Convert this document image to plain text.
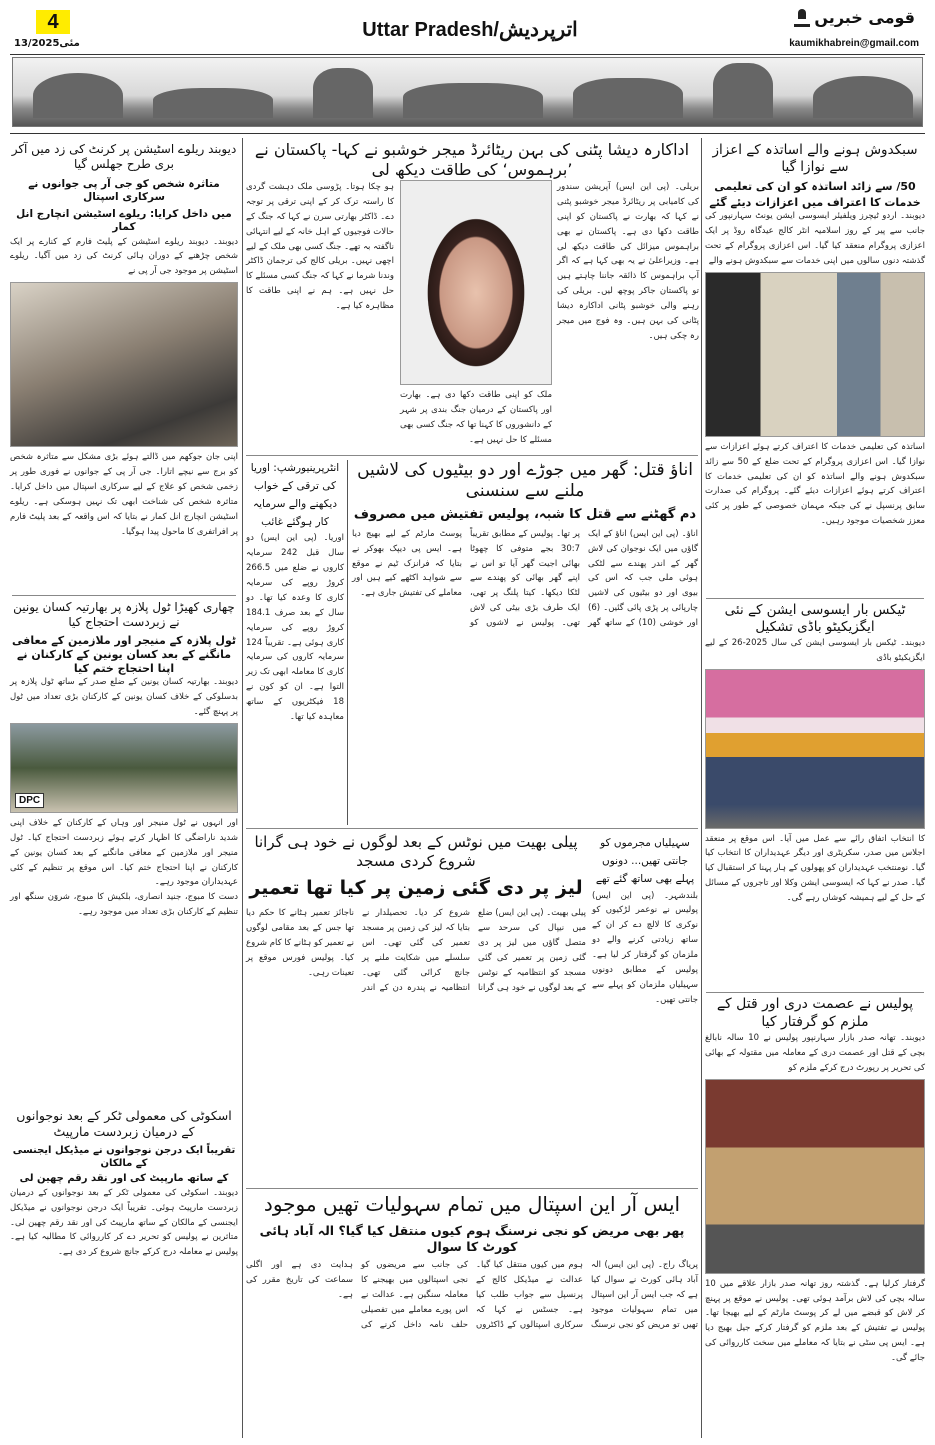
4
13/مئی2025
Uttar Pradesh/اترپردیش
قومی خبریں
kaumikhabrein@gmail.com
دیوبند ریلوے اسٹیشن پر کرنٹ کی زد میں آکر بری طرح جھلس گیا
متاثرہ شخص کو جی آر پی جوانوں نے سرکاری اسپتال
میں داخل کرایا: ریلوے اسٹیشن انچارج انل کمار
دیوبند۔ دیوبند ریلوے اسٹیشن کے پلیٹ فارم کے کنارے پر ایک شخص چڑھنے کے دوران ہائی کرنٹ کی زد میں آگیا۔ ریلوے اسٹیشن پر موجود جی آر پی نے
اپنی جان جوکھم میں ڈالتے ہوئے بڑی مشکل سے متاثرہ شخص کو برج سے نیچے اتارا۔ جی آر پی کے جوانوں نے فوری طور پر زخمی شخص کو علاج کے لیے سرکاری اسپتال میں داخل کرایا۔ متاثرہ شخص کی شناخت ابھی تک نہیں ہوسکی ہے۔ ریلوے اسٹیشن انچارج انل کمار نے بتایا کہ اس واقعہ کے بعد پلیٹ فارم پر افراتفری کا ماحول پیدا ہوگیا۔
چھاری کھیڑا ٹول پلازہ پر بھارتیہ کسان یونین نے زبردست احتجاج کیا
ٹول پلازہ کے منیجر اور ملازمین کے معافی مانگنے کے بعد کسان یونین کے کارکنان نے اپنا احتجاج ختم کیا
دیوبند۔ بھارتیہ کسان یونین کے ضلع صدر کے ساتھ ٹول پلازہ پر بدسلوکی کے خلاف کسان یونین کے کارکنان بڑی تعداد میں ٹول پر پہنچ گئے۔
DPC
اور انہوں نے ٹول منیجر اور وہاں کے کارکنان کے خلاف اپنی شدید ناراضگی کا اظہار کرتے ہوئے زبردست احتجاج کیا۔ ٹول منیجر اور ملازمین کے معافی مانگنے کے بعد کسان یونین کے کارکنان نے اپنا احتجاج ختم کیا۔ اس موقع پر تنظیم کے کئی عہدیداران موجود رہے۔
دست کا مبوج، جنید انصاری، بلکیش کا مبوج، شروَن سنگھ اور تنظیم کے کارکنان بڑی تعداد میں موجود رہے۔
اسکوٹی کی معمولی ٹکر کے بعد نوجوانوں کے درمیان زبردست مارپیٹ
تقریباً ایک درجن نوجوانوں نے میڈیکل ایجنسی کے مالکان
کے ساتھ مارپیٹ کی اور نقد رقم چھین لی
دیوبند۔ اسکوٹی کی معمولی ٹکر کے بعد نوجوانوں کے درمیان زبردست مارپیٹ ہوئی۔ تقریباً ایک درجن نوجوانوں نے میڈیکل ایجنسی کے مالکان کے ساتھ مارپیٹ کی اور نقد رقم چھین لی۔ متاثرین نے پولیس کو تحریر دے کر کارروائی کا مطالبہ کیا ہے۔ پولیس نے معاملہ درج کرکے جانچ شروع کر دی ہے۔
اداکارہ دیشا پٹنی کی بہن ریٹائرڈ میجر خوشبو نے کہا- پاکستان نے ’برہموس‘ کی طاقت دیکھ لی
بریلی۔ (پی این ایس) آپریشن سندور کی کامیابی پر ریٹائرڈ میجر خوشبو پٹنی نے کہا کہ بھارت نے پاکستان کو اپنی طاقت دکھا دی ہے۔ پاکستان نے بھی براہموس میزائل کی طاقت دیکھ لی ہے۔ وزیراعلیٰ نے یہ بھی کہا ہے کہ اگر آپ براہموس کا ذائقہ جاننا چاہتے ہیں تو پاکستان جاکر پوچھ لیں۔ بریلی کی رہنے والی خوشبو پٹانی اداکارہ دیشا پٹانی کی بہن ہیں۔ وہ فوج میں میجر رہ چکی ہیں۔
ملک کو اپنی طاقت دکھا دی ہے۔ بھارت اور پاکستان کے درمیان جنگ بندی پر شہر کے دانشوروں کا کہنا تھا کہ جنگ کسی بھی مسئلے کا حل نہیں ہے۔
ہو چکا ہوتا۔ پڑوسی ملک دہشت گردی کا راستہ ترک کر کے اپنی ترقی پر توجہ دے۔ ڈاکٹر بھارتی سرن نے کہا کہ جنگ کے حالات فوجیوں کے اہل خانہ کے لیے انتہائی ناگفتہ بہ تھے۔ جنگ کسی بھی ملک کے لیے اچھی نہیں۔ بریلی کالج کی ترجمان ڈاکٹر وندنا شرما نے کہا کہ جنگ کسی مسئلے کا حل نہیں ہے۔ ہم نے اپنی طاقت کا مظاہرہ کیا ہے۔
انٹرپرینیورشپ: اوریا کی ترقی کے خواب دیکھنے والے سرمایہ کار ہوگئے غائب
اوریا۔ (پی این ایس) دو سال قبل 242 سرمایہ کاروں نے ضلع میں 266.5 کروڑ روپے کی سرمایہ کاری کا وعدہ کیا تھا۔ دو سال کے بعد صرف 184.1 کروڑ روپے کی سرمایہ کاری ہوئی ہے۔ تقریباً 124 سرمایہ کاروں کی سرمایہ کاری کا معاملہ ابھی تک زیر التوا ہے۔ ان کو کون نے 18 فیکٹریوں کے ساتھ معاہدہ کیا تھا۔
اناؤ قتل: گھر میں جوڑے اور دو بیٹیوں کی لاشیں ملنے سے سنسنی
دم گھٹنے سے قتل کا شبہ، پولیس تفتیش میں مصروف
اناؤ۔ (پی این ایس) اناؤ کے ایک گاؤں میں ایک نوجوان کی لاش گھر کے اندر پھندے سے لٹکی ہوئی ملی جب کہ اس کی بیوی اور دو بیٹیوں کی لاشیں چارپائی پر پڑی پائی گئیں۔ (6) اور خوشی (10) کے ساتھ گھر پر تھا۔ پولیس کے مطابق تقریباً 30:7 بجے متوفی کا چھوٹا بھائی اجیت گھر آیا تو اس نے اپنے گھر بھائی کو پھندے سے لٹکا دیکھا۔ کیتا پلنگ پر تھی، ایک طرف بڑی بیٹی کی لاش تھی۔ پولیس نے لاشوں کو پوسٹ مارٹم کے لیے بھیج دیا ہے۔ ایس پی دیپک بھوکر نے بتایا کہ فرانزک ٹیم نے موقع سے شواہد اکٹھے کیے ہیں اور معاملے کی تفتیش جاری ہے۔
پیلی بھیت میں نوٹس کے بعد لوگوں نے خود ہی گرانا شروع کردی مسجد
لیز پر دی گئی زمین پر کیا تھا تعمیر
پیلی بھیت۔ (پی این ایس) ضلع میں نیپال کی سرحد سے متصل گاؤں میں لیز پر دی گئی زمین پر تعمیر کی گئی مسجد کو انتظامیہ کے نوٹس کے بعد لوگوں نے خود ہی گرانا شروع کر دیا۔ تحصیلدار نے بتایا کہ لیز کی زمین پر مسجد تعمیر کی گئی تھی۔ اس سلسلے میں شکایت ملنے پر جانچ کرائی گئی تھی۔ انتظامیہ نے پندرہ دن کے اندر ناجائز تعمیر ہٹانے کا حکم دیا تھا جس کے بعد مقامی لوگوں نے تعمیر کو ہٹانے کا کام شروع کیا۔ پولیس فورس موقع پر تعینات رہی۔
سہیلیاں مجرموں کو جانتی تھیں... دونوں پہلے بھی ساتھ گئے تھے
بلندشہر۔ (پی این ایس) پولیس نے نوعمر لڑکیوں کو نوکری کا لالچ دے کر ان کے ساتھ زیادتی کرنے والے دو ملزمان کو گرفتار کر لیا ہے۔ پولیس کے مطابق دونوں سہیلیاں ملزمان کو پہلے سے جانتی تھیں۔
ایس آر این اسپتال میں تمام سہولیات تھیں موجود
پھر بھی مریض کو نجی نرسنگ ہوم کیوں منتقل کیا گیا؟ الہ آباد ہائی کورٹ کا سوال
پریاگ راج۔ (پی این ایس) الہ آباد ہائی کورٹ نے سوال کیا ہے کہ جب ایس آر این اسپتال میں تمام سہولیات موجود تھیں تو مریض کو نجی نرسنگ ہوم میں کیوں منتقل کیا گیا۔ عدالت نے میڈیکل کالج کے پرنسپل سے جواب طلب کیا ہے۔ جسٹس نے کہا کہ سرکاری اسپتالوں کے ڈاکٹروں کی جانب سے مریضوں کو نجی اسپتالوں میں بھیجنے کا معاملہ سنگین ہے۔ عدالت نے اس پورے معاملے میں تفصیلی حلف نامہ داخل کرنے کی ہدایت دی ہے اور اگلی سماعت کی تاریخ مقرر کی ہے۔
سبکدوش ہونے والے اساتذہ کے اعزاز سے نوازا گیا
50/ سے زائد اساتذہ کو ان کی تعلیمی
خدمات کا اعتراف میں اعزازات دیئے گئے
دیوبند۔ اردو ٹیچرز ویلفیئر ایسوسی ایشن یونٹ سہارنپور کی جانب سے پیر کے روز اسلامیہ انٹر کالج عیدگاہ روڈ پر ایک اعزازی پروگرام منعقد کیا گیا۔ اس اعزازی پروگرام کے تحت گذشتہ دنوں سالوں میں اپنی خدمات سے سبکدوش ہونے والے
اساتذہ کی تعلیمی خدمات کا اعتراف کرتے ہوئے اعزازات سے نوازا گیا۔ اس اعزازی پروگرام کے تحت ضلع کے 50 سے زائد سبکدوش ہونے والے اساتذہ کو ان کی تعلیمی خدمات کا اعتراف کرتے ہوئے اعزازات دیئے گئے۔ پروگرام کی صدارت سابق پرنسپل نے کی جبکہ مہمان خصوصی کے طور پر کئی معزز شخصیات موجود رہیں۔
ٹیکس بار ایسوسی ایشن کے نئی ایگزیکیٹو باڈی تشکیل
دیوبند۔ ٹیکس بار ایسوسی ایشن کی سال 2025-26 کے لیے ایگزیکیٹو باڈی
کا انتخاب اتفاق رائے سے عمل میں آیا۔ اس موقع پر منعقد اجلاس میں صدر، سکریٹری اور دیگر عہدیداران کا انتخاب کیا گیا۔ نومنتخب عہدیداران کو پھولوں کے ہار پہنا کر استقبال کیا گیا۔ صدر نے کہا کہ ایسوسی ایشن وکلا اور تاجروں کے مسائل کے حل کے لیے ہمیشہ کوشاں رہے گی۔
پولیس نے عصمت دری اور قتل کے ملزم کو گرفتار کیا
دیوبند۔ تھانہ صدر بازار سہارنپور پولیس نے 10 سالہ نابالغ بچی کے قتل اور عصمت دری کے معاملہ میں مقتولہ کے بھائی کی تحریر پر رپورٹ درج کرکے ملزم کو
گرفتار کرلیا ہے۔ گذشتہ روز تھانہ صدر بازار علاقے میں 10 سالہ بچی کی لاش برآمد ہوئی تھی۔ پولیس نے موقع پر پہنچ کر لاش کو قبضے میں لے کر پوسٹ مارٹم کے لیے بھیجا تھا۔ پولیس نے تفتیش کے بعد ملزم کو گرفتار کرکے جیل بھیج دیا ہے۔ ایس پی سٹی نے بتایا کہ معاملے میں سخت کارروائی کی جائے گی۔
